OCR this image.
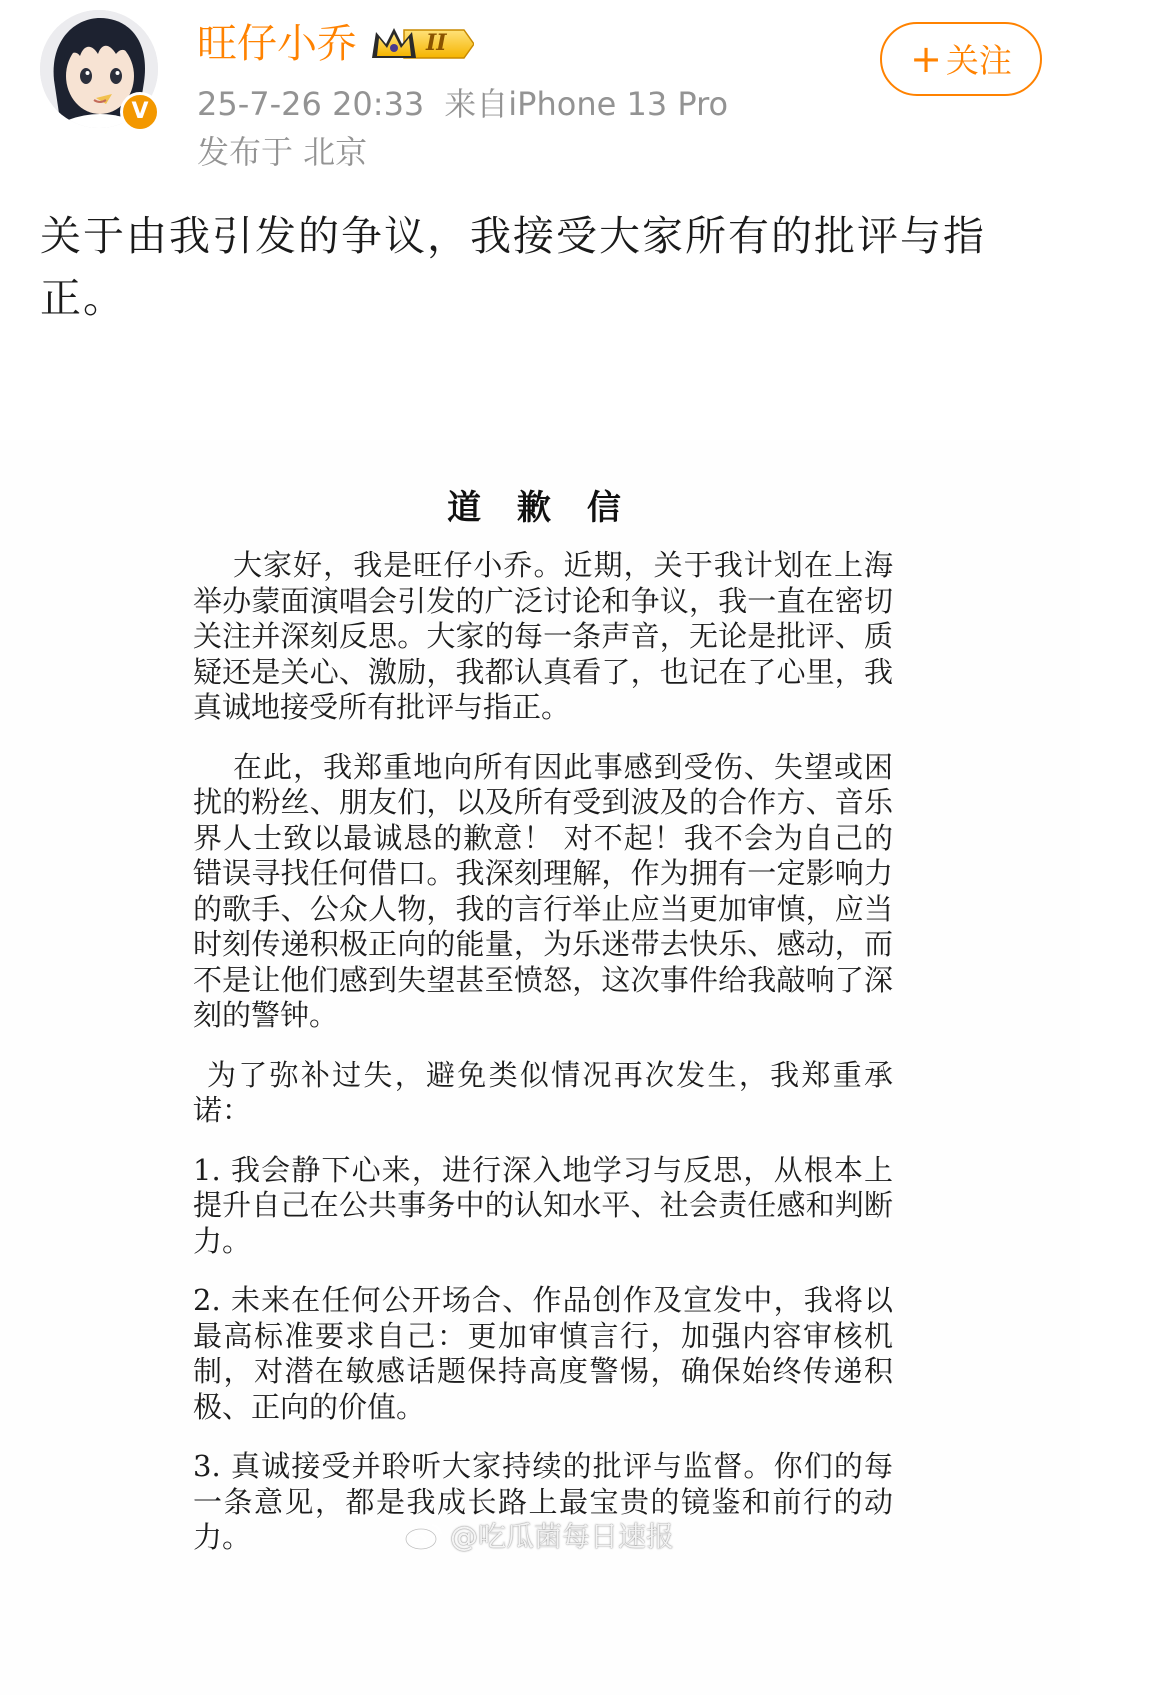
V
旺仔小乔	II
25-7-26 20:33 来自iPhone 13 Pro
发布于 北京
+ 关注

关于由我引发的争议，我接受大家所有的批评与指正。

道 歉 信

大家好，我是旺仔小乔。近期，关于我计划在上海举办蒙面演唱会引发的广泛讨论和争议，我一直在密切关注并深刻反思。大家的每一条声音，无论是批评、质疑还是关心、激励，我都认真看了，也记在了心里，我真诚地接受所有批评与指正。

在此，我郑重地向所有因此事感到受伤、失望或困扰的粉丝、朋友们，以及所有受到波及的合作方、音乐界人士致以最诚恳的歉意！ 对不起！我不会为自己的错误寻找任何借口。我深刻理解，作为拥有一定影响力的歌手、公众人物，我的言行举止应当更加审慎，应当时刻传递积极正向的能量，为乐迷带去快乐、感动，而不是让他们感到失望甚至愤怒，这次事件给我敲响了深刻的警钟。

为了弥补过失，避免类似情况再次发生，我郑重承诺：

1. 我会静下心来，进行深入地学习与反思，从根本上提升自己在公共事务中的认知水平、社会责任感和判断力。

2. 未来在任何公开场合、作品创作及宣发中，我将以最高标准要求自己：更加审慎言行，加强内容审核机制，对潜在敏感话题保持高度警惕，确保始终传递积极、正向的价值。

3. 真诚接受并聆听大家持续的批评与监督。你们的每一条意见，都是我成长路上最宝贵的镜鉴和前行的动力。	@吃瓜菌每日速报
